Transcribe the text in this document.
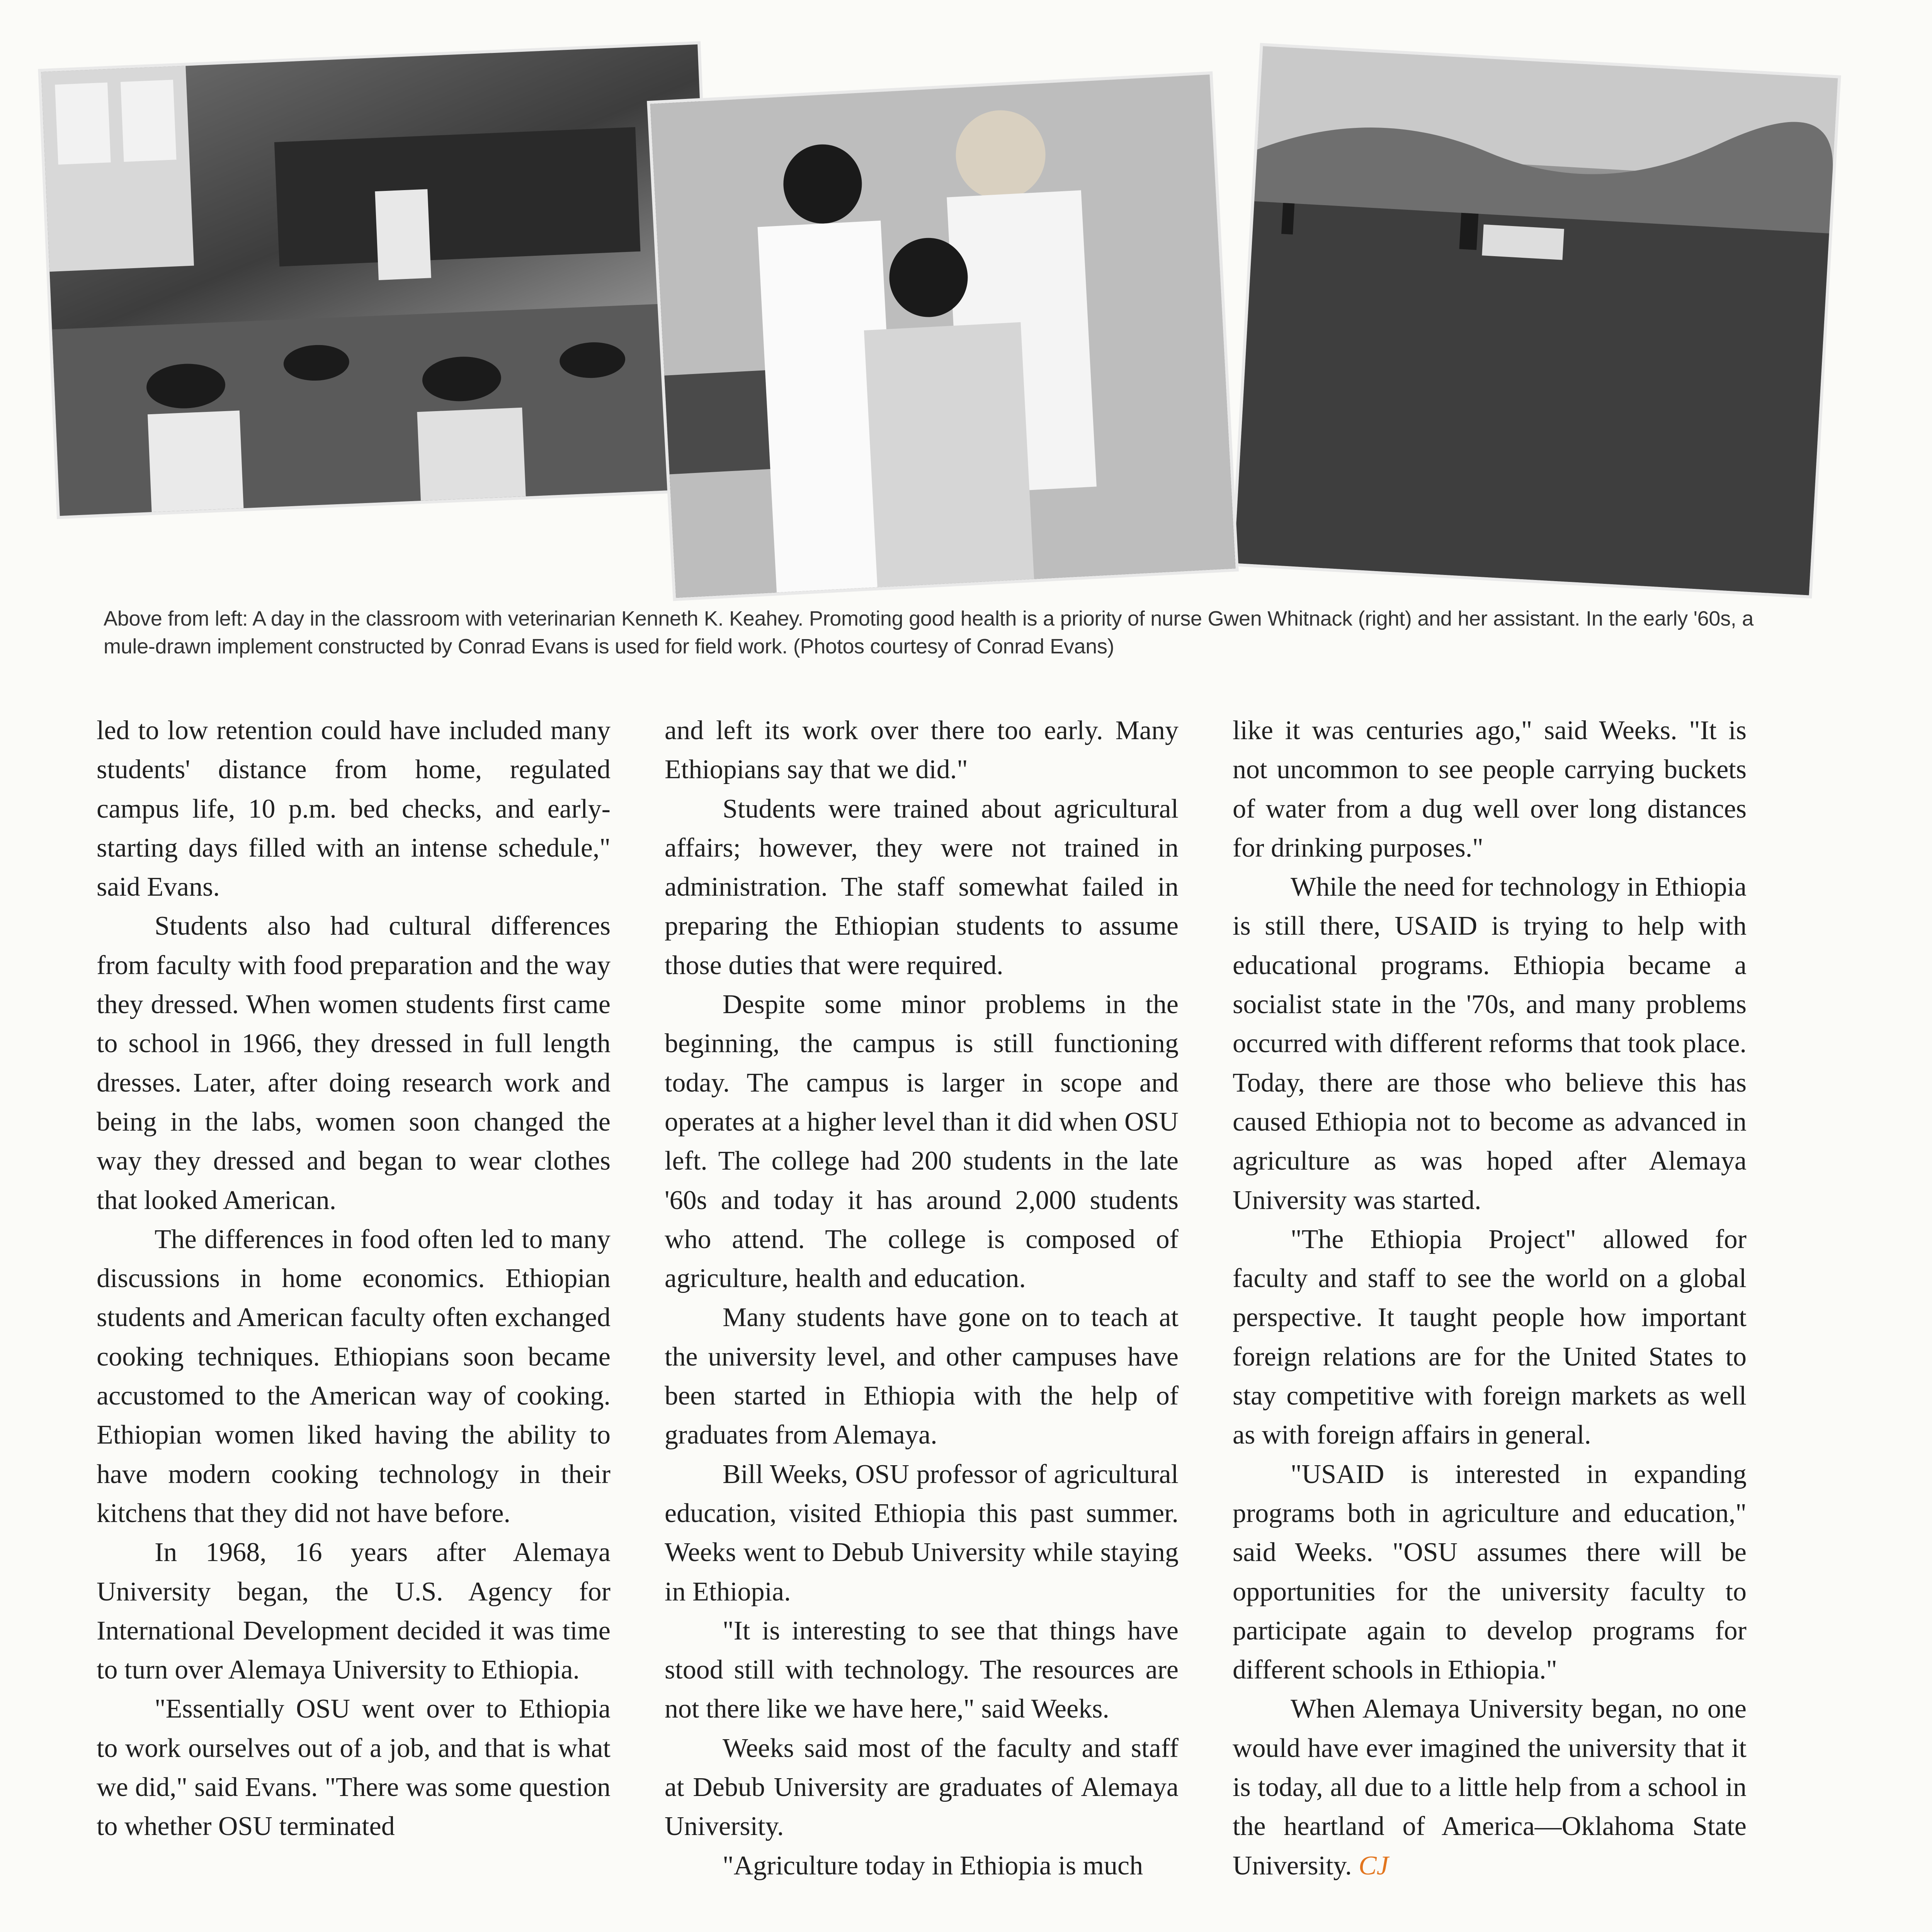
Above from left: A day in the classroom with veterinarian Kenneth K. Keahey. Promoting good health is a priority of nurse Gwen Whitnack (right) and her assistant. In the early '60s, a mule-drawn implement constructed by Conrad Evans is used for field work. (Photos courtesy of Conrad Evans)

led to low retention could have included many students' distance from home, regulated campus life, 10 p.m. bed checks, and early-starting days filled with an intense schedule," said Evans.

Students also had cultural differences from faculty with food preparation and the way they dressed. When women students first came to school in 1966, they dressed in full length dresses. Later, after doing research work and being in the labs, women soon changed the way they dressed and began to wear clothes that looked American.

The differences in food often led to many discussions in home economics. Ethiopian students and American faculty often exchanged cooking techniques. Ethiopians soon became accustomed to the American way of cooking. Ethiopian women liked having the ability to have modern cooking technology in their kitchens that they did not have before.

In 1968, 16 years after Alemaya University began, the U.S. Agency for International Development decided it was time to turn over Alemaya University to Ethiopia.

"Essentially OSU went over to Ethiopia to work ourselves out of a job, and that is what we did," said Evans. "There was some question to whether OSU terminated

and left its work over there too early. Many Ethiopians say that we did."

Students were trained about agricultural affairs; however, they were not trained in administration. The staff somewhat failed in preparing the Ethiopian students to assume those duties that were required.

Despite some minor problems in the beginning, the campus is still functioning today. The campus is larger in scope and operates at a higher level than it did when OSU left. The college had 200 students in the late '60s and today it has around 2,000 students who attend. The college is composed of agriculture, health and education.

Many students have gone on to teach at the university level, and other campuses have been started in Ethiopia with the help of graduates from Alemaya.

Bill Weeks, OSU professor of agricultural education, visited Ethiopia this past summer. Weeks went to Debub University while staying in Ethiopia.

"It is interesting to see that things have stood still with technology. The resources are not there like we have here," said Weeks.

Weeks said most of the faculty and staff at Debub University are graduates of Alemaya University.

"Agriculture today in Ethiopia is much

like it was centuries ago," said Weeks. "It is not uncommon to see people carrying buckets of water from a dug well over long distances for drinking purposes."

While the need for technology in Ethiopia is still there, USAID is trying to help with educational programs. Ethiopia became a socialist state in the '70s, and many problems occurred with different reforms that took place. Today, there are those who believe this has caused Ethiopia not to become as advanced in agriculture as was hoped after Alemaya University was started.

"The Ethiopia Project" allowed for faculty and staff to see the world on a global perspective. It taught people how important foreign relations are for the United States to stay competitive with foreign markets as well as with foreign affairs in general.

"USAID is interested in expanding programs both in agriculture and education," said Weeks. "OSU assumes there will be opportunities for the university faculty to participate again to develop programs for different schools in Ethiopia."

When Alemaya University began, no one would have ever imagined the university that it is today, all due to a little help from a school in the heartland of America—Oklahoma State University. CJ
